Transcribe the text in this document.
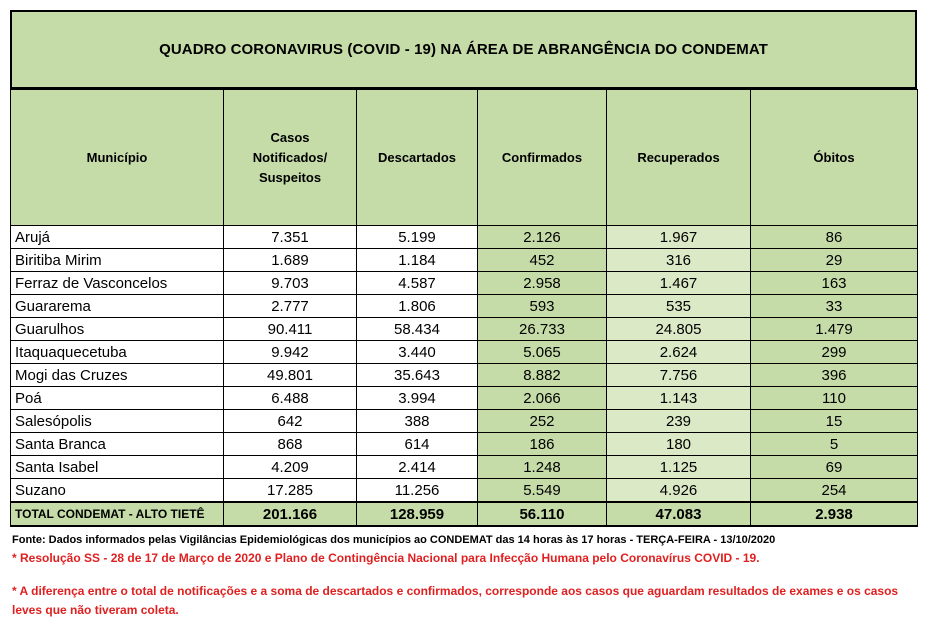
QUADRO CORONAVIRUS (COVID - 19) NA ÁREA DE ABRANGÊNCIA DO CONDEMAT
Município	Casos Notificados/ Suspeitos	Descartados	Confirmados	Recuperados	Óbitos
Arujá	7.351	5.199	2.126	1.967	86
Biritiba Mirim	1.689	1.184	452	316	29
Ferraz de Vasconcelos	9.703	4.587	2.958	1.467	163
Guararema	2.777	1.806	593	535	33
Guarulhos	90.411	58.434	26.733	24.805	1.479
Itaquaquecetuba	9.942	3.440	5.065	2.624	299
Mogi das Cruzes	49.801	35.643	8.882	7.756	396
Poá	6.488	3.994	2.066	1.143	110
Salesópolis	642	388	252	239	15
Santa Branca	868	614	186	180	5
Santa Isabel	4.209	2.414	1.248	1.125	69
Suzano	17.285	11.256	5.549	4.926	254
TOTAL CONDEMAT - ALTO TIETÊ	201.166	128.959	56.110	47.083	2.938
Fonte: Dados informados pelas Vigilâncias Epidemiológicas dos municípios ao CONDEMAT das 14 horas às 17 horas - TERÇA-FEIRA - 13/10/2020
* Resolução SS - 28 de 17 de Março de 2020 e Plano de Contingência Nacional para Infecção Humana pelo Coronavírus COVID - 19.
* A diferença entre o total de notificações e a soma de descartados e confirmados, corresponde aos casos que aguardam resultados de exames e os casos leves que não tiveram coleta.
